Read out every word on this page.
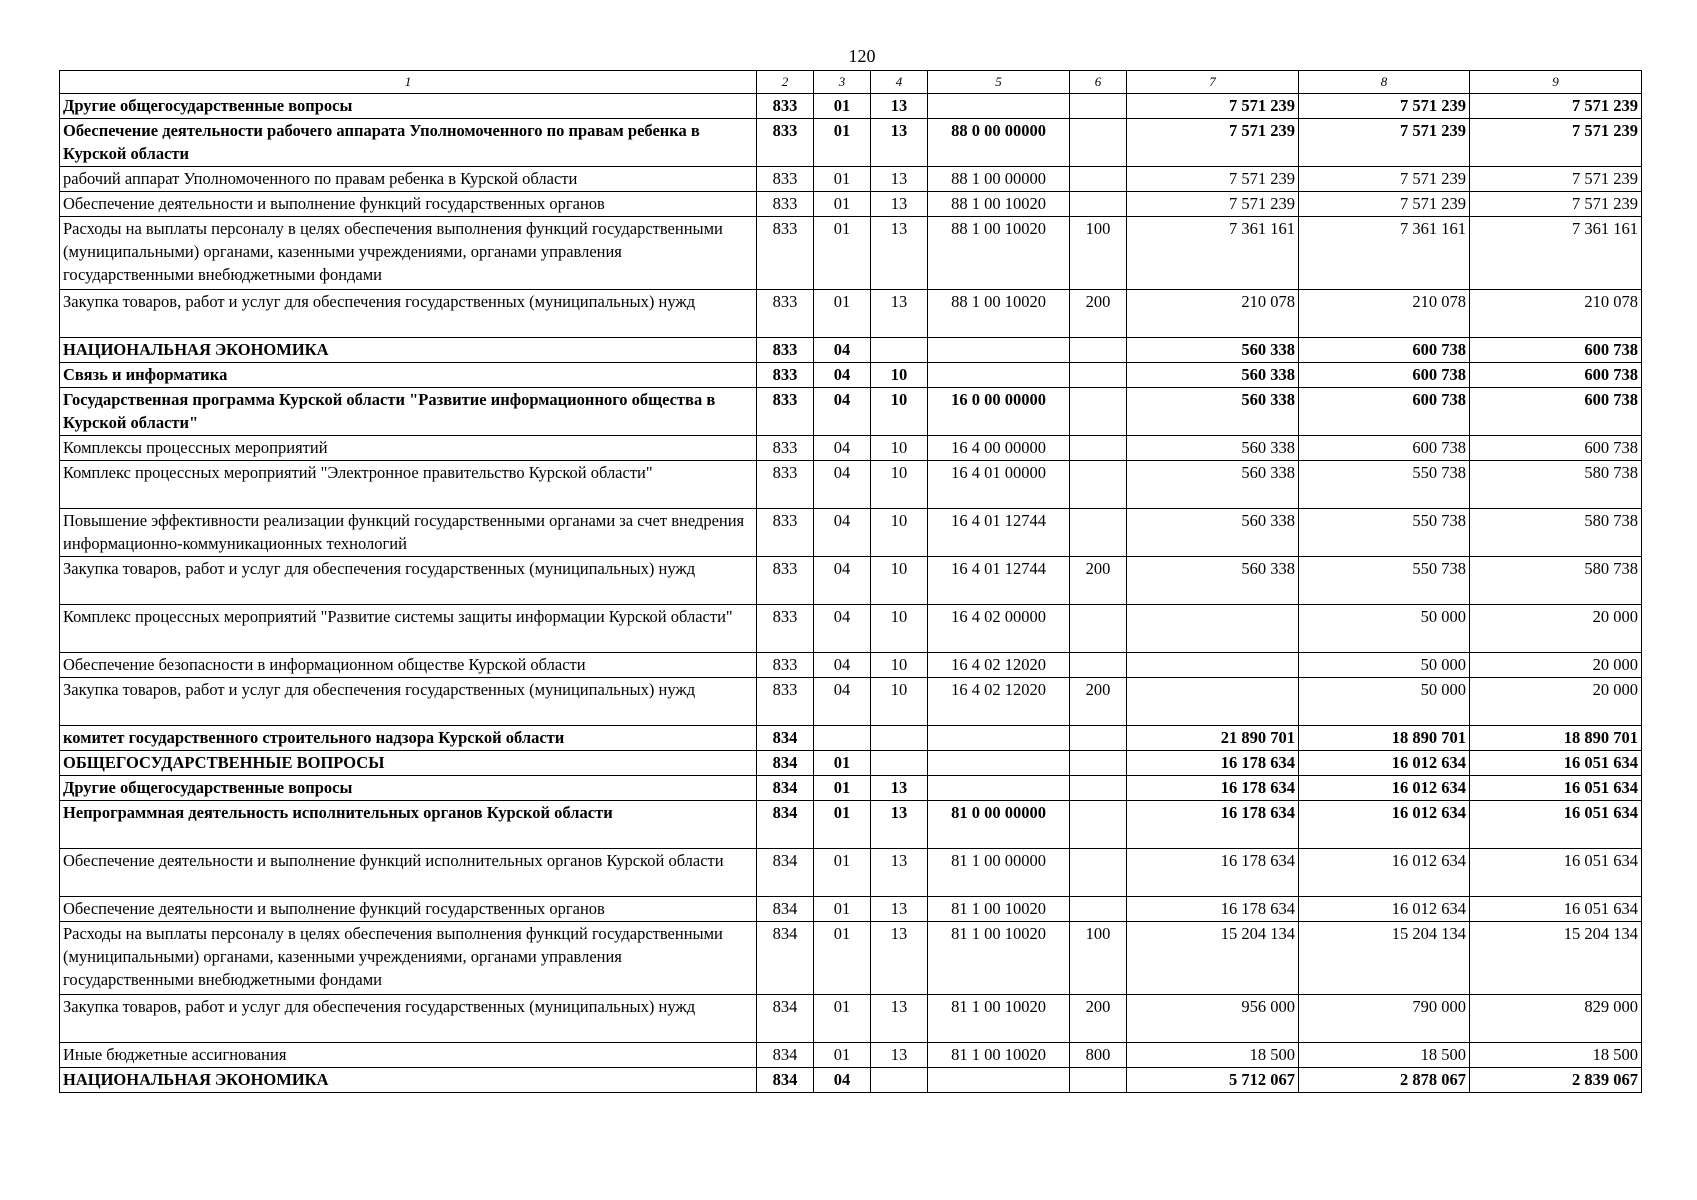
120
1	2	3	4	5	6	7	8	9
Другие общегосударственные вопросы	833	01	13			7 571 239	7 571 239	7 571 239
Обеспечение деятельности рабочего аппарата Уполномоченного по правам ребенка в Курской области	833	01	13	88 0 00 00000		7 571 239	7 571 239	7 571 239
рабочий аппарат Уполномоченного по правам ребенка в Курской области	833	01	13	88 1 00 00000		7 571 239	7 571 239	7 571 239
Обеспечение деятельности и выполнение функций государственных органов	833	01	13	88 1 00 10020		7 571 239	7 571 239	7 571 239
Расходы на выплаты персоналу в целях обеспечения выполнения функций государственными (муниципальными) органами, казенными учреждениями, органами управления государственными внебюджетными фондами	833	01	13	88 1 00 10020	100	7 361 161	7 361 161	7 361 161
Закупка товаров, работ и услуг для обеспечения государственных (муниципальных) нужд	833	01	13	88 1 00 10020	200	210 078	210 078	210 078
НАЦИОНАЛЬНАЯ ЭКОНОМИКА	833	04				560 338	600 738	600 738
Связь и информатика	833	04	10			560 338	600 738	600 738
Государственная программа Курской области "Развитие информационного общества в Курской области"	833	04	10	16 0 00 00000		560 338	600 738	600 738
Комплексы процессных мероприятий	833	04	10	16 4 00 00000		560 338	600 738	600 738
Комплекс процессных мероприятий "Электронное правительство Курской области"	833	04	10	16 4 01 00000		560 338	550 738	580 738
Повышение эффективности реализации функций государственными органами за счет внедрения информационно-коммуникационных технологий	833	04	10	16 4 01 12744		560 338	550 738	580 738
Закупка товаров, работ и услуг для обеспечения государственных (муниципальных) нужд	833	04	10	16 4 01 12744	200	560 338	550 738	580 738
Комплекс процессных мероприятий "Развитие системы защиты информации Курской области"	833	04	10	16 4 02 00000			50 000	20 000
Обеспечение безопасности в информационном обществе Курской области	833	04	10	16 4 02 12020			50 000	20 000
Закупка товаров, работ и услуг для обеспечения государственных (муниципальных) нужд	833	04	10	16 4 02 12020	200		50 000	20 000
комитет государственного строительного надзора Курской области	834					21 890 701	18 890 701	18 890 701
ОБЩЕГОСУДАРСТВЕННЫЕ ВОПРОСЫ	834	01				16 178 634	16 012 634	16 051 634
Другие общегосударственные вопросы	834	01	13			16 178 634	16 012 634	16 051 634
Непрограммная деятельность исполнительных органов Курской области	834	01	13	81 0 00 00000		16 178 634	16 012 634	16 051 634
Обеспечение деятельности и выполнение функций исполнительных органов Курской области	834	01	13	81 1 00 00000		16 178 634	16 012 634	16 051 634
Обеспечение деятельности и выполнение функций государственных органов	834	01	13	81 1 00 10020		16 178 634	16 012 634	16 051 634
Расходы на выплаты персоналу в целях обеспечения выполнения функций государственными (муниципальными) органами, казенными учреждениями, органами управления государственными внебюджетными фондами	834	01	13	81 1 00 10020	100	15 204 134	15 204 134	15 204 134
Закупка товаров, работ и услуг для обеспечения государственных (муниципальных) нужд	834	01	13	81 1 00 10020	200	956 000	790 000	829 000
Иные бюджетные ассигнования	834	01	13	81 1 00 10020	800	18 500	18 500	18 500
НАЦИОНАЛЬНАЯ ЭКОНОМИКА	834	04				5 712 067	2 878 067	2 839 067
